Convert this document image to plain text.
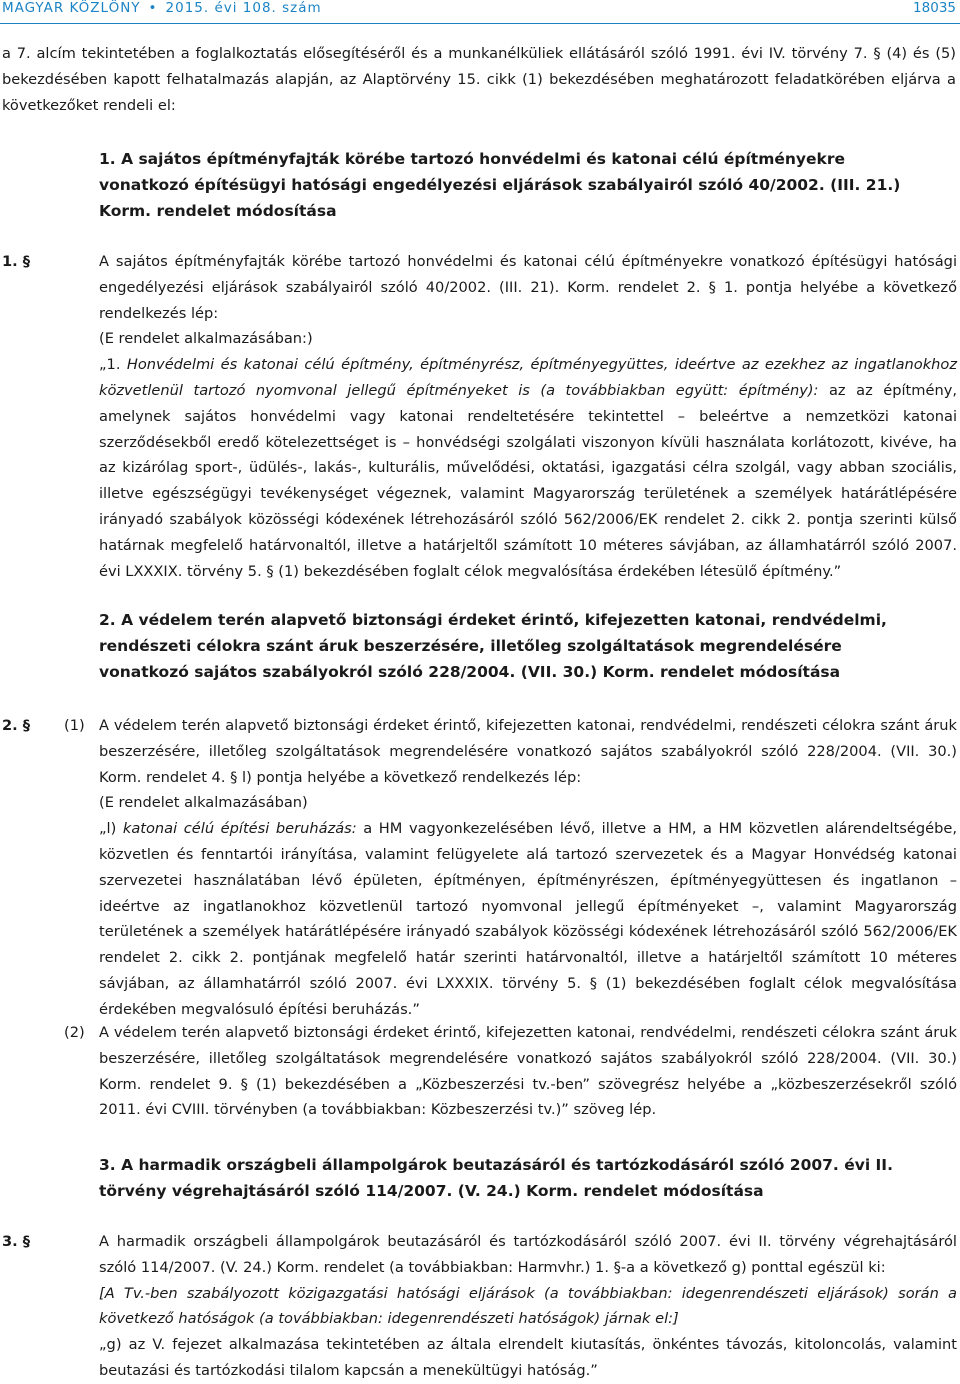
MAGYAR KÖZLÖNY • 2015. évi 108. szám	18035
a 7. alcím tekintetében a foglalkoztatás elősegítéséről és a munkanélküliek ellátásáról szóló 1991. évi IV. törvény 7. § (4) és (5) bekezdésében kapott felhatalmazás alapján, az Alaptörvény 15. cikk (1) bekezdésében meghatározott feladatkörében eljárva a következőket rendeli el:
1. A sajátos építményfajták körébe tartozó honvédelmi és katonai célú építményekre vonatkozó építésügyi hatósági engedélyezési eljárások szabályairól szóló 40/2002. (III. 21.) Korm. rendelet módosítása
1. §	A sajátos építményfajták körébe tartozó honvédelmi és katonai célú építményekre vonatkozó építésügyi hatósági engedélyezési eljárások szabályairól szóló 40/2002. (III. 21). Korm. rendelet 2. § 1. pontja helyébe a következő rendelkezés lép:
(E rendelet alkalmazásában:)
„1. Honvédelmi és katonai célú építmény, építményrész, építményegyüttes, ideértve az ezekhez az ingatlanokhoz közvetlenül tartozó nyomvonal jellegű építményeket is (a továbbiakban együtt: építmény): az az építmény, amelynek sajátos honvédelmi vagy katonai rendeltetésére tekintettel – beleértve a nemzetközi katonai szerződésekből eredő kötelezettséget is – honvédségi szolgálati viszonyon kívüli használata korlátozott, kivéve, ha az kizárólag sport-, üdülés-, lakás-, kulturális, művelődési, oktatási, igazgatási célra szolgál, vagy abban szociális, illetve egészségügyi tevékenységet végeznek, valamint Magyarország területének a személyek határátlépésére irányadó szabályok közösségi kódexének létrehozásáról szóló 562/2006/EK rendelet 2. cikk 2. pontja szerinti külső határnak megfelelő határvonaltól, illetve a határjeltől számított 10 méteres sávjában, az államhatárról szóló 2007. évi LXXXIX. törvény 5. § (1) bekezdésében foglalt célok megvalósítása érdekében létesülő építmény.”
2. A védelem terén alapvető biztonsági érdeket érintő, kifejezetten katonai, rendvédelmi, rendészeti célokra szánt áruk beszerzésére, illetőleg szolgáltatások megrendelésére vonatkozó sajátos szabályokról szóló 228/2004. (VII. 30.) Korm. rendelet módosítása
2. § (1) A védelem terén alapvető biztonsági érdeket érintő, kifejezetten katonai, rendvédelmi, rendészeti célokra szánt áruk beszerzésére, illetőleg szolgáltatások megrendelésére vonatkozó sajátos szabályokról szóló 228/2004. (VII. 30.) Korm. rendelet 4. § l) pontja helyébe a következő rendelkezés lép:
(E rendelet alkalmazásában)
„l) katonai célú építési beruházás: a HM vagyonkezelésében lévő, illetve a HM, a HM közvetlen alárendeltségébe, közvetlen és fenntartói irányítása, valamint felügyelete alá tartozó szervezetek és a Magyar Honvédség katonai szervezetei használatában lévő épületen, építményen, építményrészen, építményegyüttesen és ingatlanon – ideértve az ingatlanokhoz közvetlenül tartozó nyomvonal jellegű építményeket –, valamint Magyarország területének a személyek határátlépésére irányadó szabályok közösségi kódexének létrehozásáról szóló 562/2006/EK rendelet 2. cikk 2. pontjának megfelelő határ szerinti határvonaltól, illetve a határjeltől számított 10 méteres sávjában, az államhatárról szóló 2007. évi LXXXIX. törvény 5. § (1) bekezdésében foglalt célok megvalósítása érdekében megvalósuló építési beruházás.”
(2) A védelem terén alapvető biztonsági érdeket érintő, kifejezetten katonai, rendvédelmi, rendészeti célokra szánt áruk beszerzésére, illetőleg szolgáltatások megrendelésére vonatkozó sajátos szabályokról szóló 228/2004. (VII. 30.) Korm. rendelet 9. § (1) bekezdésében a „Közbeszerzési tv.-ben” szövegrész helyébe a „közbeszerzésekről szóló 2011. évi CVIII. törvényben (a továbbiakban: Közbeszerzési tv.)” szöveg lép.
3. A harmadik országbeli állampolgárok beutazásáról és tartózkodásáról szóló 2007. évi II. törvény végrehajtásáról szóló 114/2007. (V. 24.) Korm. rendelet módosítása
3. §	A harmadik országbeli állampolgárok beutazásáról és tartózkodásáról szóló 2007. évi II. törvény végrehajtásáról szóló 114/2007. (V. 24.) Korm. rendelet (a továbbiakban: Harmvhr.) 1. §-a a következő g) ponttal egészül ki:
[A Tv.-ben szabályozott közigazgatási hatósági eljárások (a továbbiakban: idegenrendészeti eljárások) során a következő hatóságok (a továbbiakban: idegenrendészeti hatóságok) járnak el:]
„g) az V. fejezet alkalmazása tekintetében az általa elrendelt kiutasítás, önkéntes távozás, kitoloncolás, valamint beutazási és tartózkodási tilalom kapcsán a menekültügyi hatóság.”
